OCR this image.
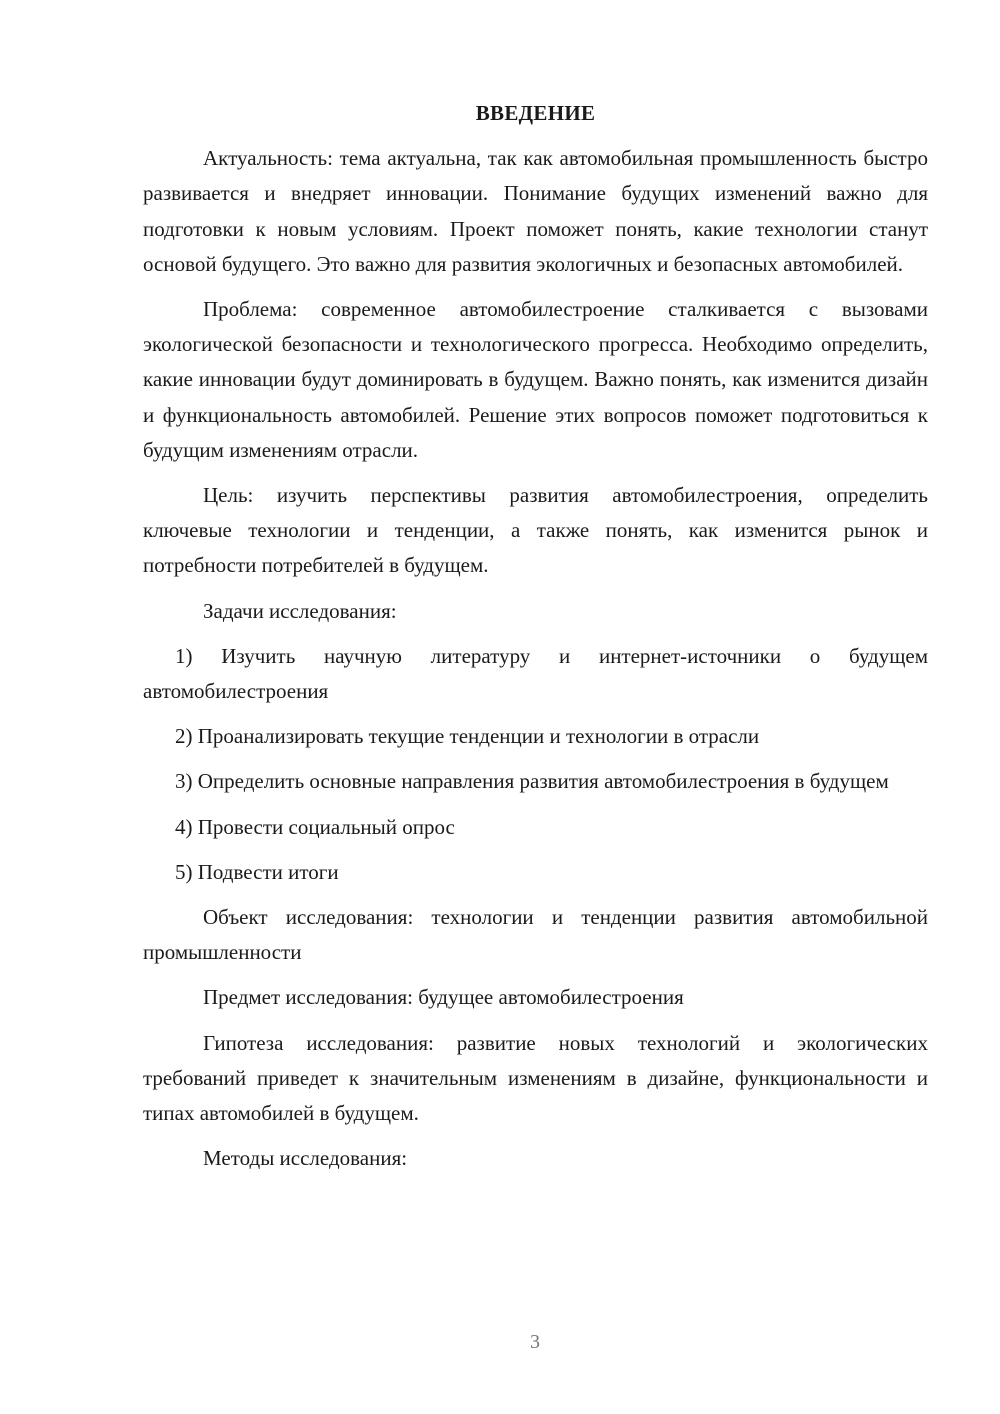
ВВЕДЕНИЕ

Актуальность: тема актуальна, так как автомобильная промышленность быстро развивается и внедряет инновации. Понимание будущих изменений важно для подготовки к новым условиям. Проект поможет понять, какие технологии станут основой будущего. Это важно для развития экологичных и безопасных автомобилей.

Проблема: современное автомобилестроение сталкивается с вызовами экологической безопасности и технологического прогресса. Необходимо определить, какие инновации будут доминировать в будущем. Важно понять, как изменится дизайн и функциональность автомобилей. Решение этих вопросов поможет подготовиться к будущим изменениям отрасли.

Цель: изучить перспективы развития автомобилестроения, определить ключевые технологии и тенденции, а также понять, как изменится рынок и потребности потребителей в будущем.

Задачи исследования:

1) Изучить научную литературу и интернет-источники о будущем автомобилестроения

2) Проанализировать текущие тенденции и технологии в отрасли

3) Определить основные направления развития автомобилестроения в будущем

4) Провести социальный опрос

5) Подвести итоги

Объект исследования: технологии и тенденции развития автомобильной промышленности

Предмет исследования: будущее автомобилестроения

Гипотеза исследования: развитие новых технологий и экологических требований приведет к значительным изменениям в дизайне, функциональности и типах автомобилей в будущем.

Методы исследования:

3
